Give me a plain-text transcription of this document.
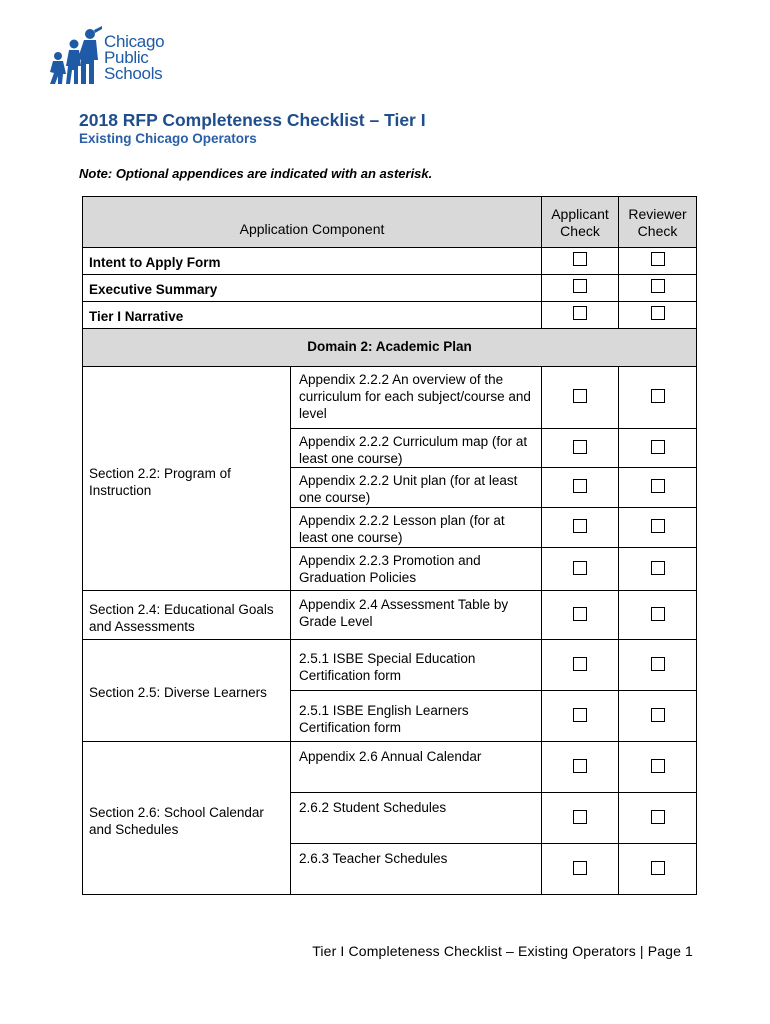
Chicago
Public
Schools
2018 RFP Completeness Checklist – Tier I
Existing Chicago Operators
Note: Optional appendices are indicated with an asterisk.
Application Component		Applicant Check	Reviewer Check
Intent to Apply Form			
Executive Summary			
Tier I Narrative			
Domain 2: Academic Plan			
Section 2.2: Program of Instruction	Appendix 2.2.2 An overview of the curriculum for each subject/course and level		
	Appendix 2.2.2 Curriculum map (for at least one course)		
	Appendix 2.2.2 Unit plan (for at least one course)		
	Appendix 2.2.2 Lesson plan (for at least one course)		
	Appendix 2.2.3 Promotion and Graduation Policies		
Section 2.4: Educational Goals and Assessments	Appendix 2.4 Assessment Table by Grade Level		
Section 2.5: Diverse Learners	2.5.1 ISBE Special Education Certification form		
	2.5.1 ISBE English Learners Certification form		
Section 2.6: School Calendar and Schedules	Appendix 2.6 Annual Calendar		
	2.6.2 Student Schedules		
	2.6.3 Teacher Schedules		
Tier I Completeness Checklist – Existing Operators | Page 1
